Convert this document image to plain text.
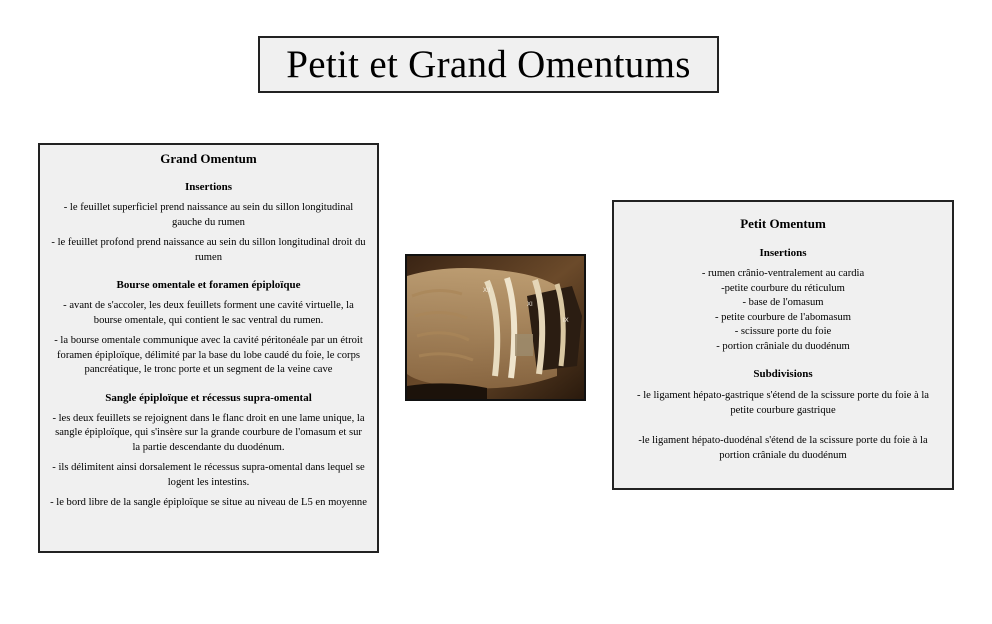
Petit et Grand Omentums
Grand Omentum
Insertions

- le feuillet superficiel prend naissance au sein du sillon longitudinal gauche du rumen

- le feuillet profond prend naissance au sein du sillon longitudinal droit du rumen

Bourse omentale et foramen épiploïque

- avant de s'accoler, les deux feuillets forment une cavité virtuelle, la bourse omentale, qui contient le sac ventral du rumen.

- la bourse omentale communique avec la cavité péritonéale par un étroit foramen épiploïque, délimité par la base du lobe caudé du foie, le corps pancréatique, le tronc porte et un segment de la veine cave

Sangle épiploïque et récessus supra-omental

- les deux feuillets se rejoignent dans le flanc droit en une lame unique, la sangle épiploïque, qui s'insère sur la grande courbure de l'omasum et sur la partie descendante du duodénum.

- ils délimitent ainsi dorsalement le récessus supra-omental dans lequel se logent les intestins.

- le bord libre de la sangle épiploïque se situe au niveau de L5 en moyenne

XII
XI
IX
Petit Omentum
Insertions

- rumen crânio-ventralement au cardia

-petite courbure du réticulum

- base de l'omasum

- petite courbure de l'abomasum

- scissure porte du foie

- portion crâniale du duodénum

Subdivisions

- le ligament hépato-gastrique s'étend de la scissure porte du foie à la petite courbure gastrique

-le ligament hépato-duodénal s'étend de la scissure porte du foie à la portion crâniale du duodénum
